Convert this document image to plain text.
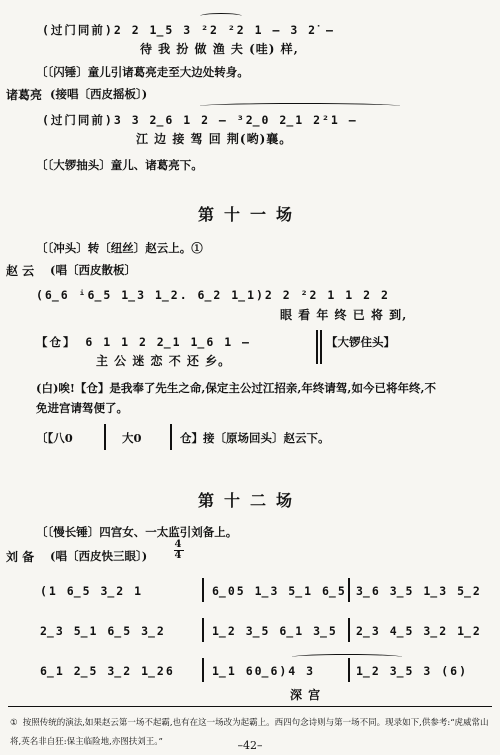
(过门同前)2 2 1̲5 3 ²2 ²2 1 – 3 2̇ –
待 我 扮 做 渔 夫 (哇) 样,
〔〔闪锤〕童儿引诸葛亮走至大边处转身。
诸葛亮 (接唱〔西皮摇板〕)
(过门同前)3 3 2̲6 1 2 – ³2̲0 2̲1 2²1 –
江 边 接 驾 回 荆(哟)襄。
〔〔大锣抽头〕童儿、诸葛亮下。
第十一场
〔〔冲头〕转〔纽丝〕赵云上。①
赵 云 (唱〔西皮散板〕
(6̲6 ⁱ6̲5 1̲3 1̲2. 6̲2 1̲1)2 2 ²2 1 1 2 2
眼 看 年 终 已 将 到,
【仓】 6 1 1 2 2̲1 1̲6 1 –	【大锣住头】
主 公 迷 恋 不 还 乡。
(白)唉!【仓】是我奉了先生之命,保定主公过江招亲,年终请驾,如今已将年终,不
免进宫请驾便了。
〔【八0	大0	仓】接〔原场回头〕赵云下。
第十二场
〔〔慢长锤〕四宫女、一太监引刘备上。
刘 备 (唱〔西皮快三眼〕)
4
4
(1 6̲5 3̲2 1	6̲05 1̲3 5̲1 6̲5 3̲6 3̲5 1̲3 5̲2
2̲3 5̲1 6̲5 3̲2	1̲2 3̲5 6̲1 3̲5 2̲3 4̲5 3̲2 1̲2
6̲1 2̲5 3̲2 1̲26	1̲1 60̲6)4 3	1̲2 3̲5 3 (6)
深 宫
① 按照传统的演法,如果赵云第一场不起霸,也有在这一场改为起霸上。西四句念诗则与第一场不同。现录如下,供参考:“虎威常山将,英名非自狂:保主临险地,亦图扶刘王。”	–42–
